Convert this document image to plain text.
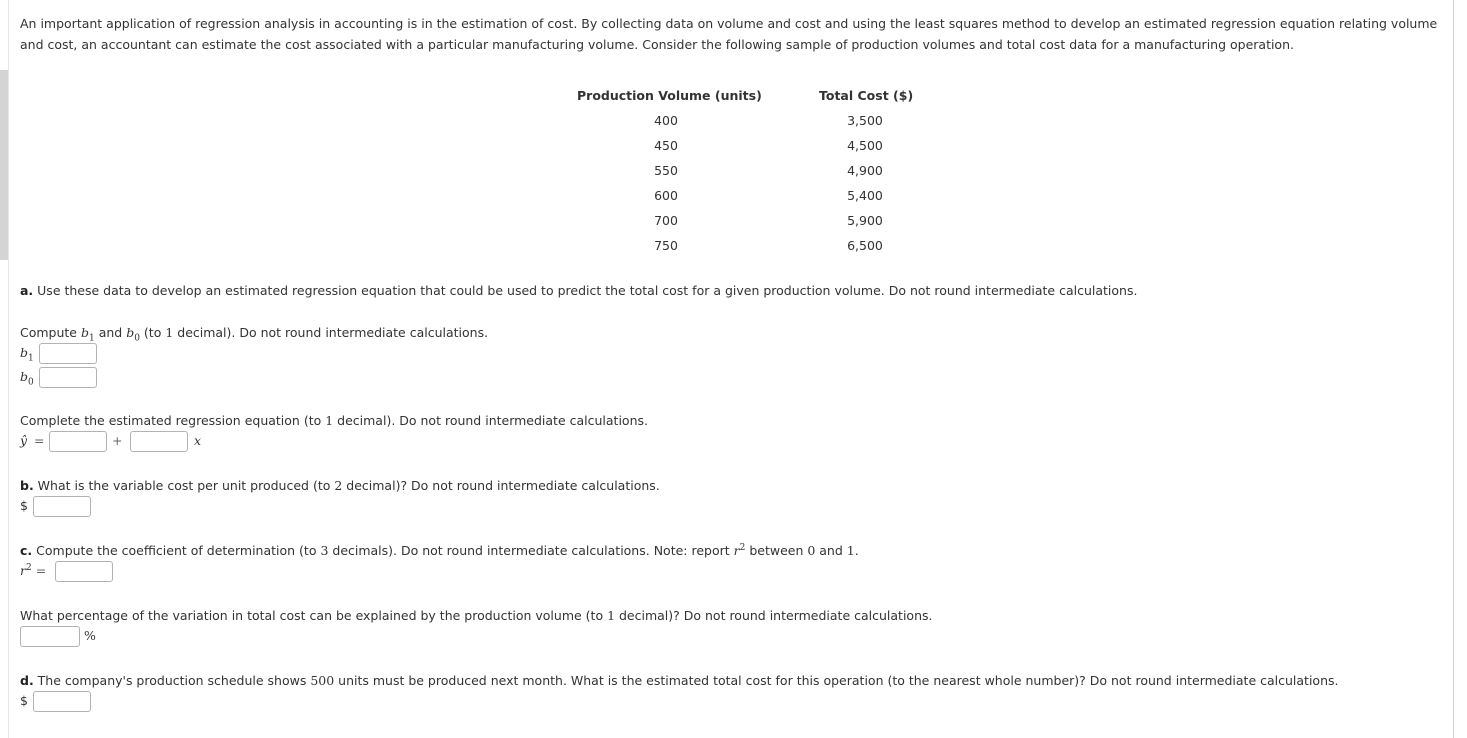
An important application of regression analysis in accounting is in the estimation of cost. By collecting data on volume and cost and using the least squares method to develop an estimated regression equation relating volume and cost, an accountant can estimate the cost associated with a particular manufacturing volume. Consider the following sample of production volumes and total cost data for a manufacturing operation.
Production Volume (units)	Total Cost ($)
400	3,500
450	4,500
550	4,900
600	5,400
700	5,900
750	6,500
a. Use these data to develop an estimated regression equation that could be used to predict the total cost for a given production volume. Do not round intermediate calculations.
Compute $b_1$ and $b_0$ (to 1 decimal). Do not round intermediate calculations.
$b_1$
$b_0$
Complete the estimated regression equation (to 1 decimal). Do not round intermediate calculations.
ŷ =	+	x
b. What is the variable cost per unit produced (to 2 decimal)? Do not round intermediate calculations.
$
c. Compute the coefficient of determination (to 3 decimals). Do not round intermediate calculations. Note: report $r^2$ between 0 and 1.
$r^2$ =
What percentage of the variation in total cost can be explained by the production volume (to 1 decimal)? Do not round intermediate calculations.
%
d. The company's production schedule shows 500 units must be produced next month. What is the estimated total cost for this operation (to the nearest whole number)? Do not round intermediate calculations.
$
